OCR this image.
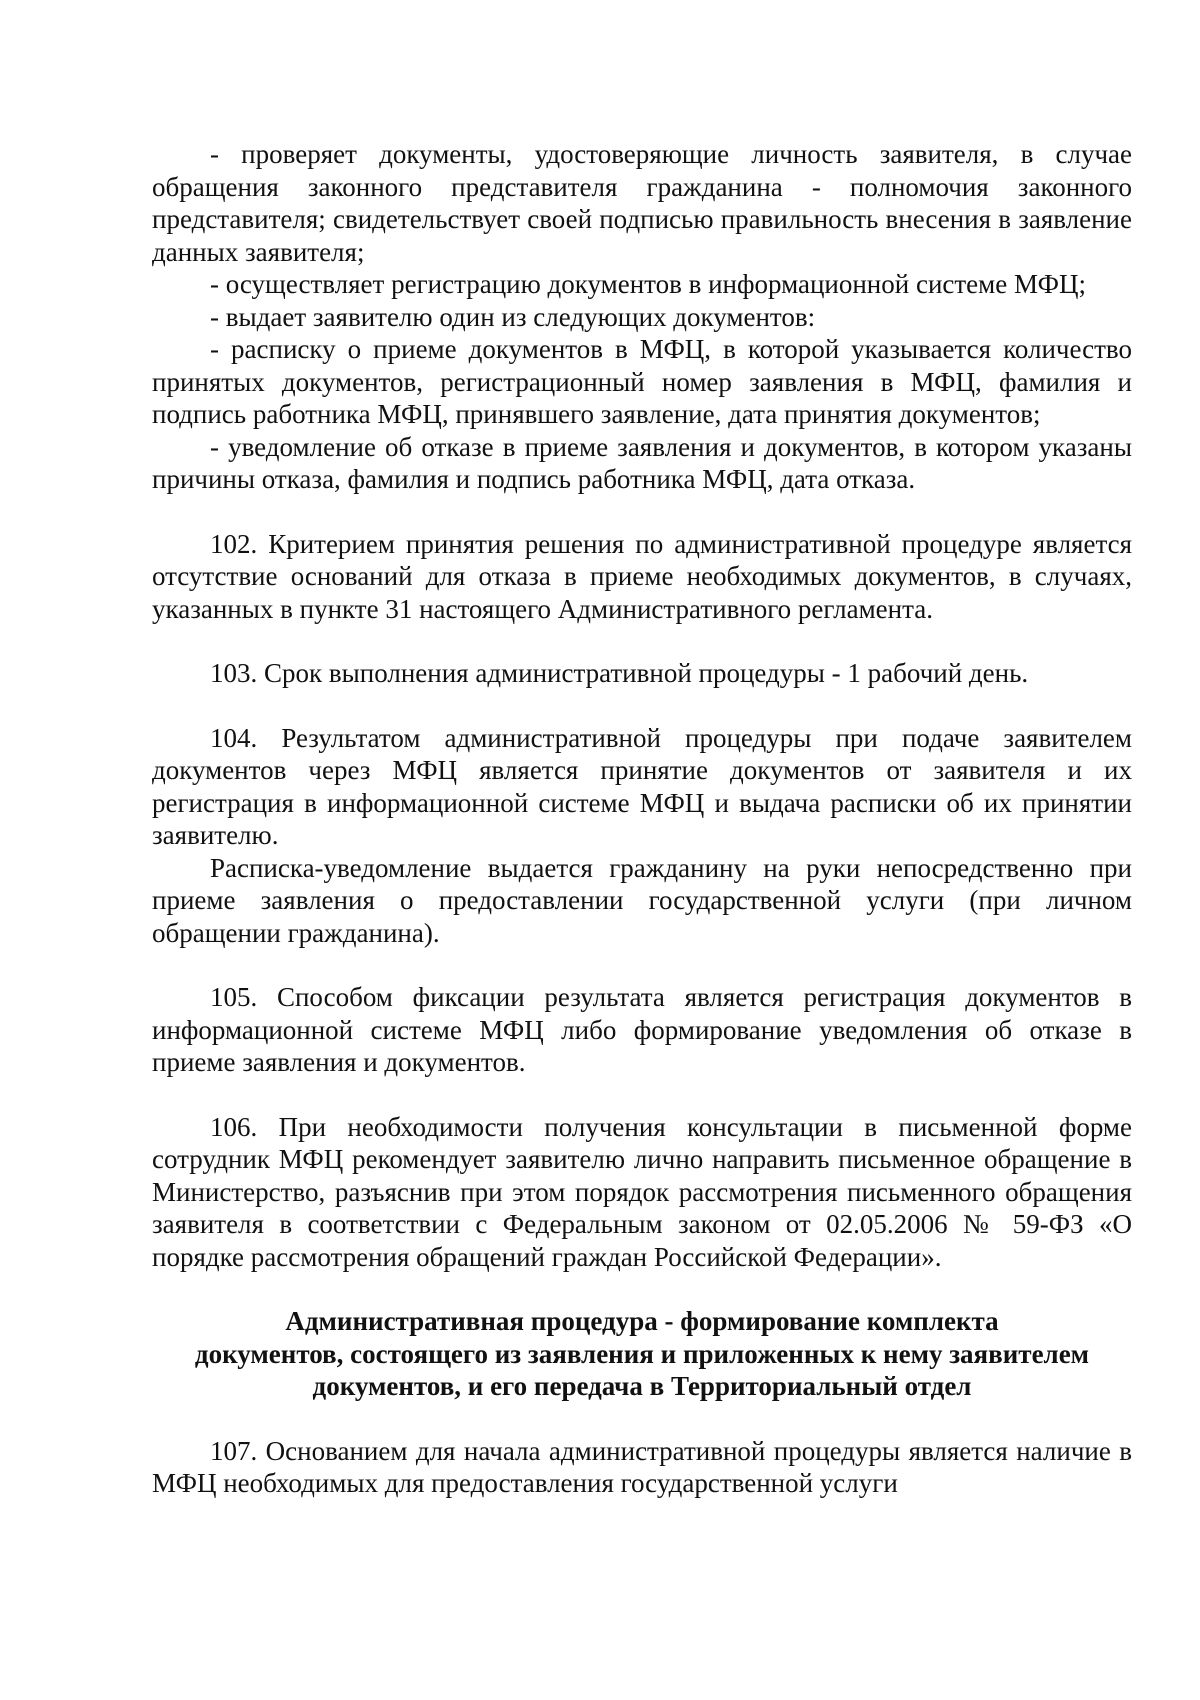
- проверяет документы, удостоверяющие личность заявителя, в случае обращения законного представителя гражданина - полномочия законного представителя; свидетельствует своей подписью правильность внесения в заявление данных заявителя;

- осуществляет регистрацию документов в информационной системе МФЦ;

- выдает заявителю один из следующих документов:

- расписку о приеме документов в МФЦ, в которой указывается количество принятых документов, регистрационный номер заявления в МФЦ, фамилия и подпись работника МФЦ, принявшего заявление, дата принятия документов;

- уведомление об отказе в приеме заявления и документов, в котором указаны причины отказа, фамилия и подпись работника МФЦ, дата отказа.

102. Критерием принятия решения по административной процедуре является отсутствие оснований для отказа в приеме необходимых документов, в случаях, указанных в пункте 31 настоящего Административного регламента.

103. Срок выполнения административной процедуры - 1 рабочий день.

104. Результатом административной процедуры при подаче заявителем документов через МФЦ является принятие документов от заявителя и их регистрация в информационной системе МФЦ и выдача расписки об их принятии заявителю.

Расписка-уведомление выдается гражданину на руки непосредственно при приеме заявления о предоставлении государственной услуги (при личном обращении гражданина).

105. Способом фиксации результата является регистрация документов в информационной системе МФЦ либо формирование уведомления об отказе в приеме заявления и документов.

106. При необходимости получения консультации в письменной форме сотрудник МФЦ рекомендует заявителю лично направить письменное обращение в Министерство, разъяснив при этом порядок рассмотрения письменного обращения заявителя в соответствии с Федеральным законом от 02.05.2006 № 59-ФЗ «О порядке рассмотрения обращений граждан Российской Федерации».

Административная процедура - формирование комплекта
документов, состоящего из заявления и приложенных к нему заявителем
документов, и его передача в Территориальный отдел

107. Основанием для начала административной процедуры является наличие в МФЦ необходимых для предоставления государственной услуги
